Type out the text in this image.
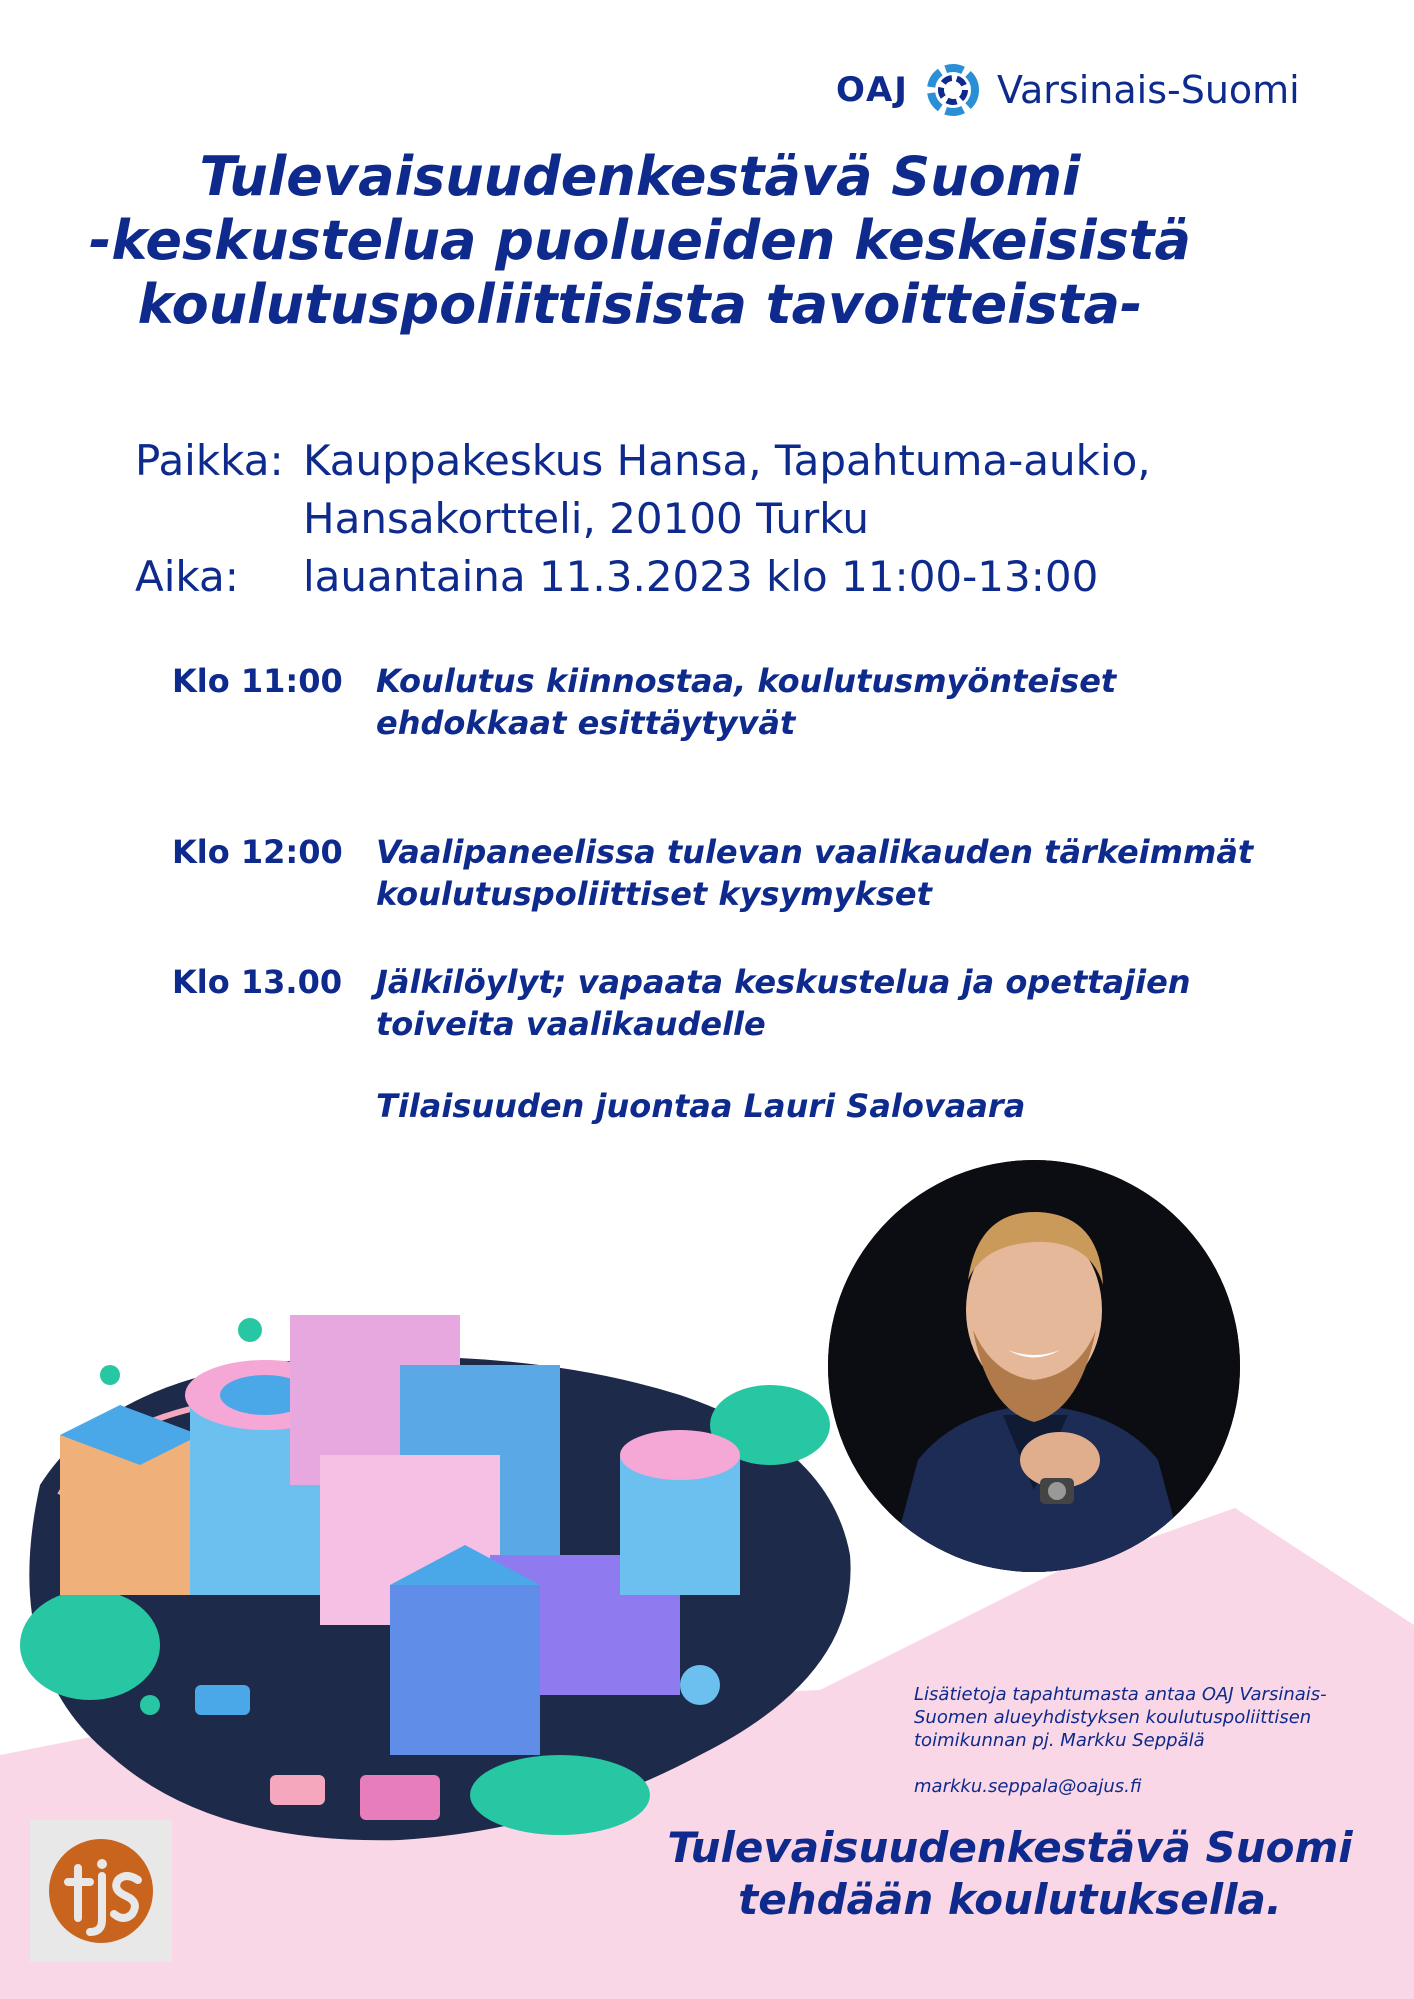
OAJ Varsinais-Suomi
Tulevaisuudenkestävä Suomi
-keskustelua puolueiden keskeisistä
koulutuspoliittisista tavoitteista-
Paikka: Kauppakeskus Hansa, Tapahtuma-aukio,
Hansakortteli, 20100 Turku
Aika:	lauantaina 11.3.2023 klo 11:00-13:00
Klo 11:00	Koulutus kiinnostaa, koulutusmyönteiset
ehdokkaat esittäytyvät
Klo 12:00	Vaalipaneelissa tulevan vaalikauden tärkeimmät
koulutuspoliittiset kysymykset
Klo 13.00	Jälkilöylyt; vapaata keskustelua ja opettajien
toiveita vaalikaudelle
Tilaisuuden juontaa Lauri Salovaara
Lisätietoja tapahtumasta antaa OAJ Varsinais-
Suomen alueyhdistyksen koulutuspoliittisen
toimikunnan pj. Markku Seppälä
markku.seppala@oajus.fi
Tulevaisuudenkestävä Suomi
tehdään koulutuksella.
